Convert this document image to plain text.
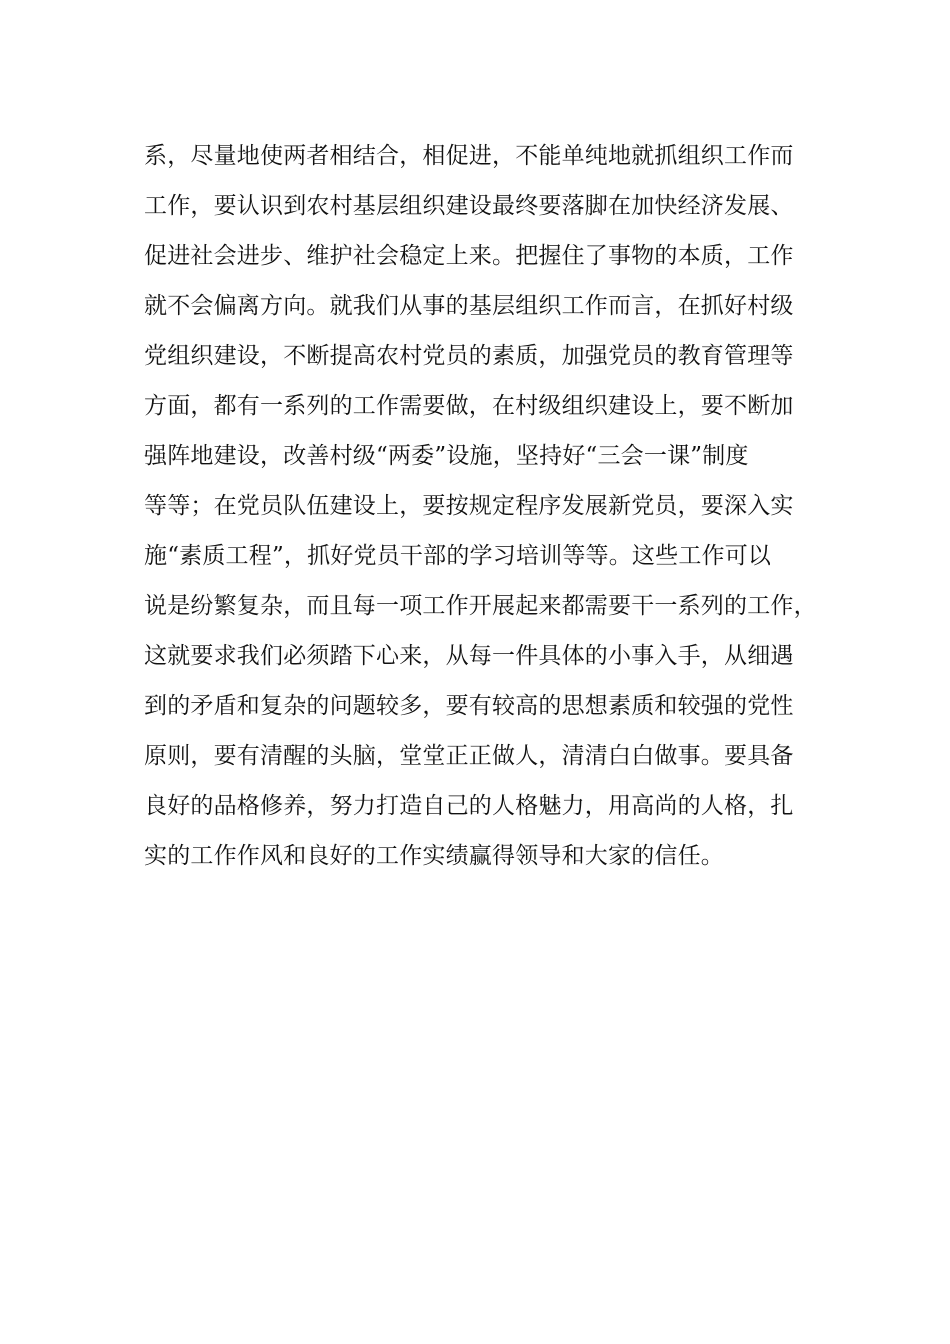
系，尽量地使两者相结合，相促进，不能单纯地就抓组织工作而
工作，要认识到农村基层组织建设最终要落脚在加快经济发展、
促进社会进步、维护社会稳定上来。把握住了事物的本质，工作
就不会偏离方向。就我们从事的基层组织工作而言，在抓好村级
党组织建设，不断提高农村党员的素质，加强党员的教育管理等
方面，都有一系列的工作需要做，在村级组织建设上，要不断加
强阵地建设，改善村级“两委”设施，坚持好“三会一课”制度
等等；在党员队伍建设上，要按规定程序发展新党员，要深入实
施“素质工程”，抓好党员干部的学习培训等等。这些工作可以
说是纷繁复杂，而且每一项工作开展起来都需要干一系列的工作，
这就要求我们必须踏下心来，从每一件具体的小事入手，从细遇
到的矛盾和复杂的问题较多，要有较高的思想素质和较强的党性
原则，要有清醒的头脑，堂堂正正做人，清清白白做事。要具备
良好的品格修养，努力打造自己的人格魅力，用高尚的人格，扎
实的工作作风和良好的工作实绩赢得领导和大家的信任。
